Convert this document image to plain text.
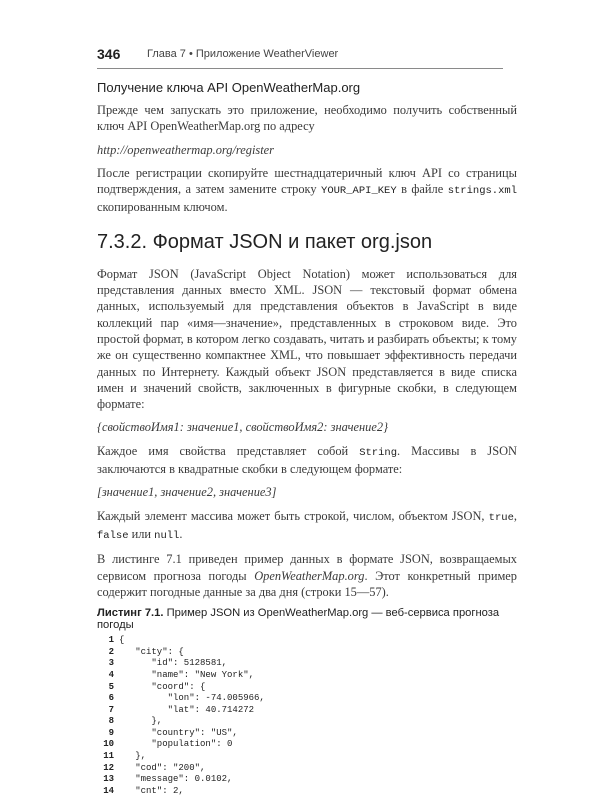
346 Глава 7 • Приложение WeatherViewer
Получение ключа API OpenWeatherMap.org

Прежде чем запускать это приложение, необходимо получить собственный ключ API OpenWeatherMap.org по адресу

http://openweathermap.org/register

После регистрации скопируйте шестнадцатеричный ключ API со страницы подтверждения, а затем замените строку YOUR_API_KEY в файле strings.xml скопированным ключом.

7.3.2. Формат JSON и пакет org.json

Формат JSON (JavaScript Object Notation) может использоваться для представления данных вместо XML. JSON — текстовый формат обмена данных, используемый для представления объектов в JavaScript в виде коллекций пар «имя—значение», представленных в строковом виде. Это простой формат, в котором легко создавать, читать и разбирать объекты; к тому же он существенно компактнее XML, что повышает эффективность передачи данных по Интернету. Каждый объект JSON представляется в виде списка имен и значений свойств, заключенных в фигурные скобки, в следующем формате:

{свойствоИмя1: значение1, свойствоИмя2: значение2}

Каждое имя свойства представляет собой String. Массивы в JSON заключаются в квадратные скобки в следующем формате:

[значение1, значение2, значение3]

Каждый элемент массива может быть строкой, числом, объектом JSON, true, false или null.

В листинге 7.1 приведен пример данных в формате JSON, возвращаемых сервисом прогноза погоды OpenWeatherMap.org. Этот конкретный пример содержит погодные данные за два дня (строки 15—57).

Листинг 7.1. Пример JSON из OpenWeatherMap.org — веб-сервиса прогноза погоды
1 {
2   "city": {
3      "id": 5128581,
4      "name": "New York",
5      "coord": {
6         "lon": -74.005966,
7         "lat": 40.714272
8      },
9      "country": "US",
10      "population": 0
11   },
12   "cod": "200",
13   "message": 0.0102,
14   "cnt": 2,
